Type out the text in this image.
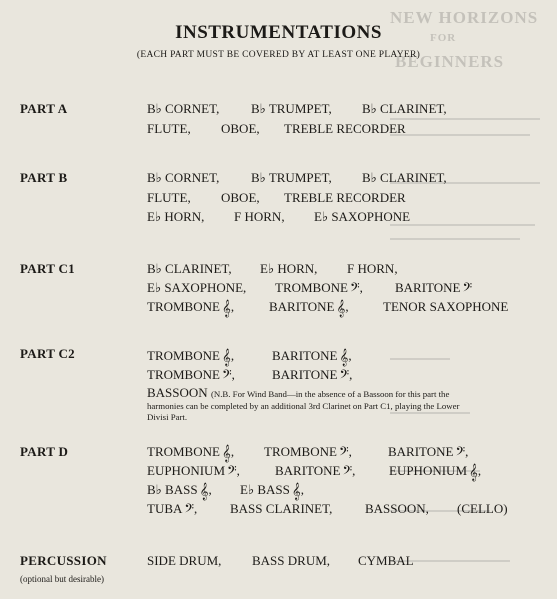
NEW HORIZONS
FOR
BEGINNERS
INSTRUMENTATIONS
(EACH PART MUST BE COVERED BY AT LEAST ONE PLAYER)
PART A	B♭ CORNET, B♭ TRUMPET, B♭ CLARINET,
FLUTE, OBOE, TREBLE RECORDER
PART B	B♭ CORNET, B♭ TRUMPET, B♭ CLARINET,
FLUTE, OBOE, TREBLE RECORDER
E♭ HORN, F HORN, E♭ SAXOPHONE
PART C1	B♭ CLARINET, E♭ HORN, F HORN,
E♭ SAXOPHONE, TROMBONE 𝄢, BARITONE 𝄢
TROMBONE 𝄞,	BARITONE 𝄞,	TENOR SAXOPHONE
PART C2	TROMBONE 𝄞,	BARITONE 𝄞,
TROMBONE 𝄢,	BARITONE 𝄢,
BASSOON (N.B. For Wind Band—in the absence of a Bassoon for this part the
harmonies can be completed by an additional 3rd Clarinet on Part C1, playing the Lower
Divisi Part.
PART D	TROMBONE 𝄞, TROMBONE 𝄢,	BARITONE 𝄢,
EUPHONIUM 𝄢,	BARITONE 𝄢,	EUPHONIUM 𝄞,
B♭ BASS 𝄞, E♭ BASS 𝄞,
TUBA 𝄢,	BASS CLARINET,	BASSOON, (CELLO)
PERCUSSION
(optional but desirable)
SIDE DRUM, BASS DRUM, CYMBAL
